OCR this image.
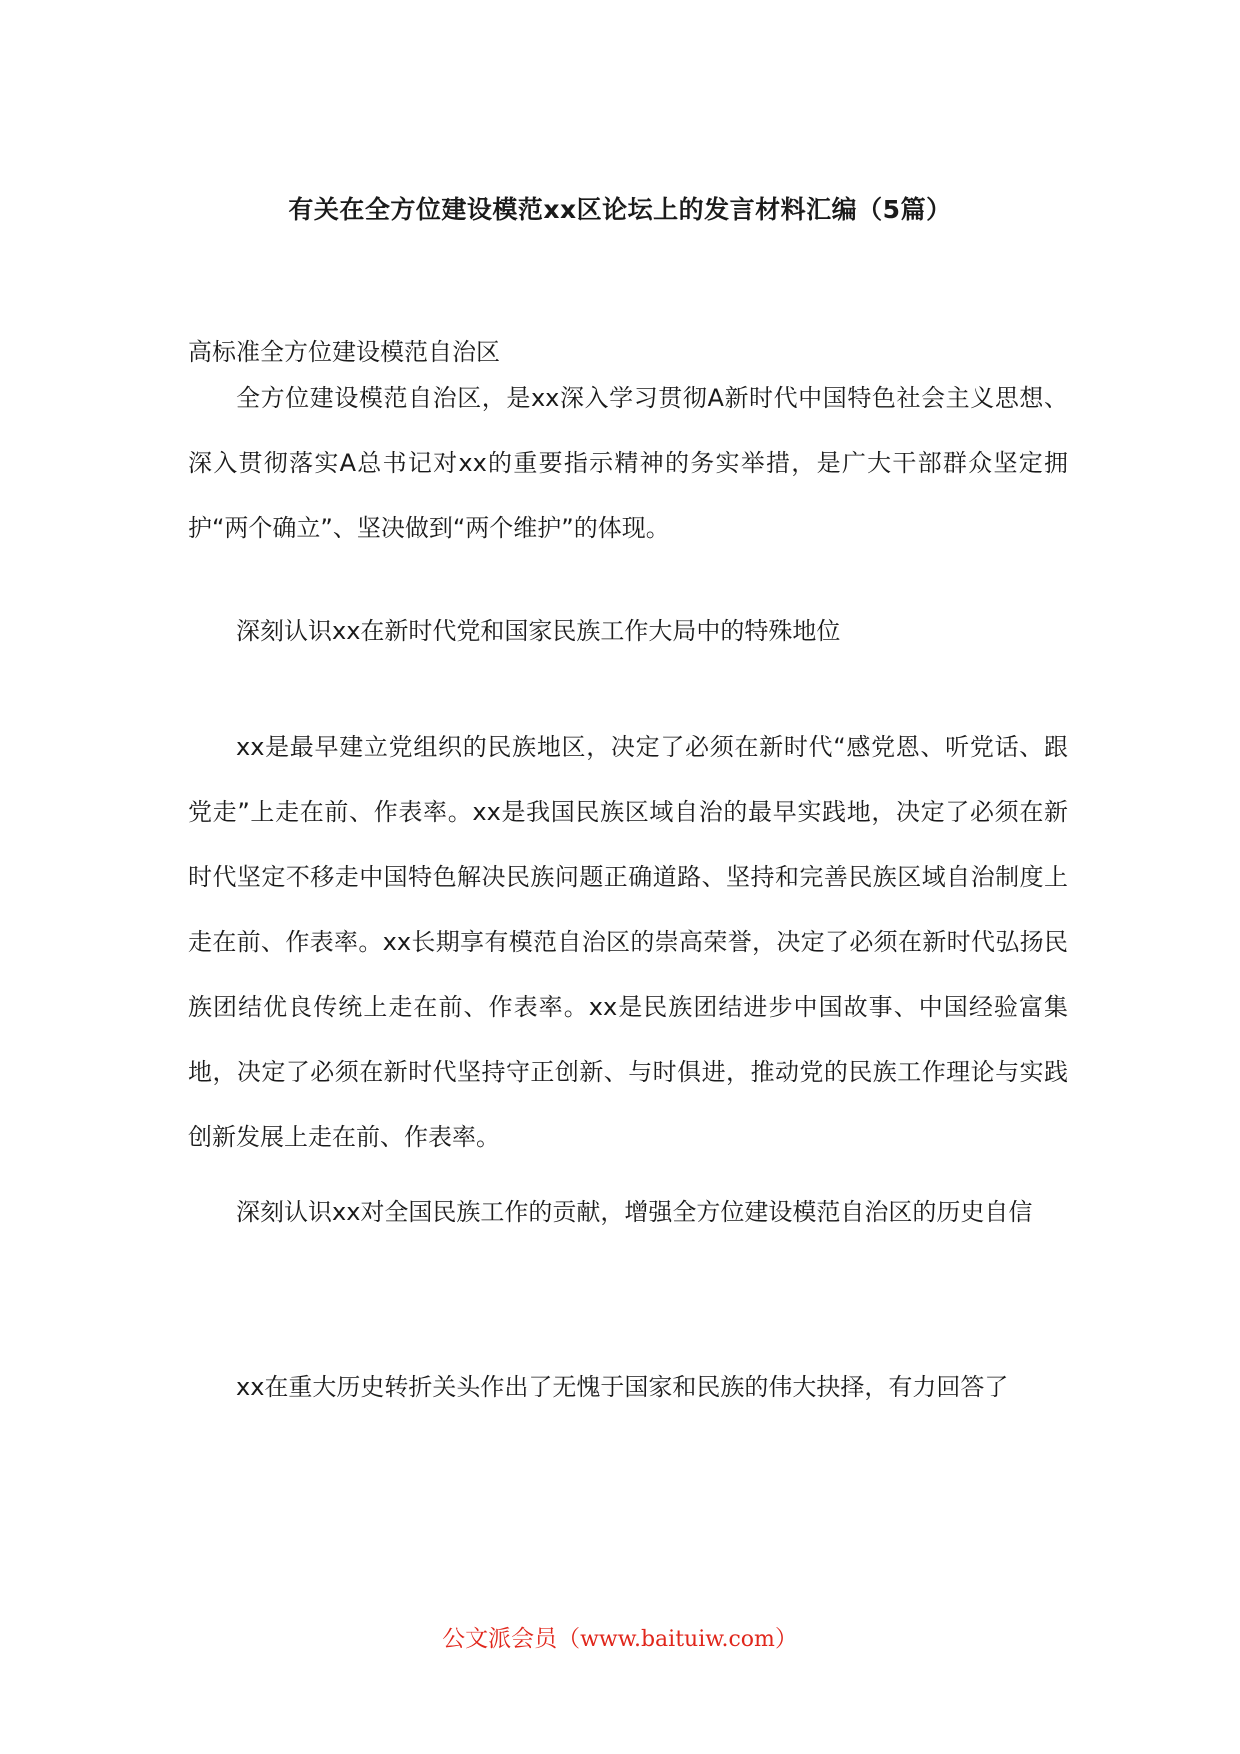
有关在全方位建设模范xx区论坛上的发言材料汇编（5篇）

高标准全方位建设模范自治区

全方位建设模范自治区，是xx深入学习贯彻A新时代中国特色社会主义思想、深入贯彻落实A总书记对xx的重要指示精神的务实举措，是广大干部群众坚定拥护“两个确立”、坚决做到“两个维护”的体现。

深刻认识xx在新时代党和国家民族工作大局中的特殊地位

xx是最早建立党组织的民族地区，决定了必须在新时代“感党恩、听党话、跟党走”上走在前、作表率。xx是我国民族区域自治的最早实践地，决定了必须在新时代坚定不移走中国特色解决民族问题正确道路、坚持和完善民族区域自治制度上走在前、作表率。xx长期享有模范自治区的崇高荣誉，决定了必须在新时代弘扬民族团结优良传统上走在前、作表率。xx是民族团结进步中国故事、中国经验富集地，决定了必须在新时代坚持守正创新、与时俱进，推动党的民族工作理论与实践创新发展上走在前、作表率。

深刻认识xx对全国民族工作的贡献，增强全方位建设模范自治区的历史自信

xx在重大历史转折关头作出了无愧于国家和民族的伟大抉择，有力回答了

公文派会员（www.baituiw.com）
